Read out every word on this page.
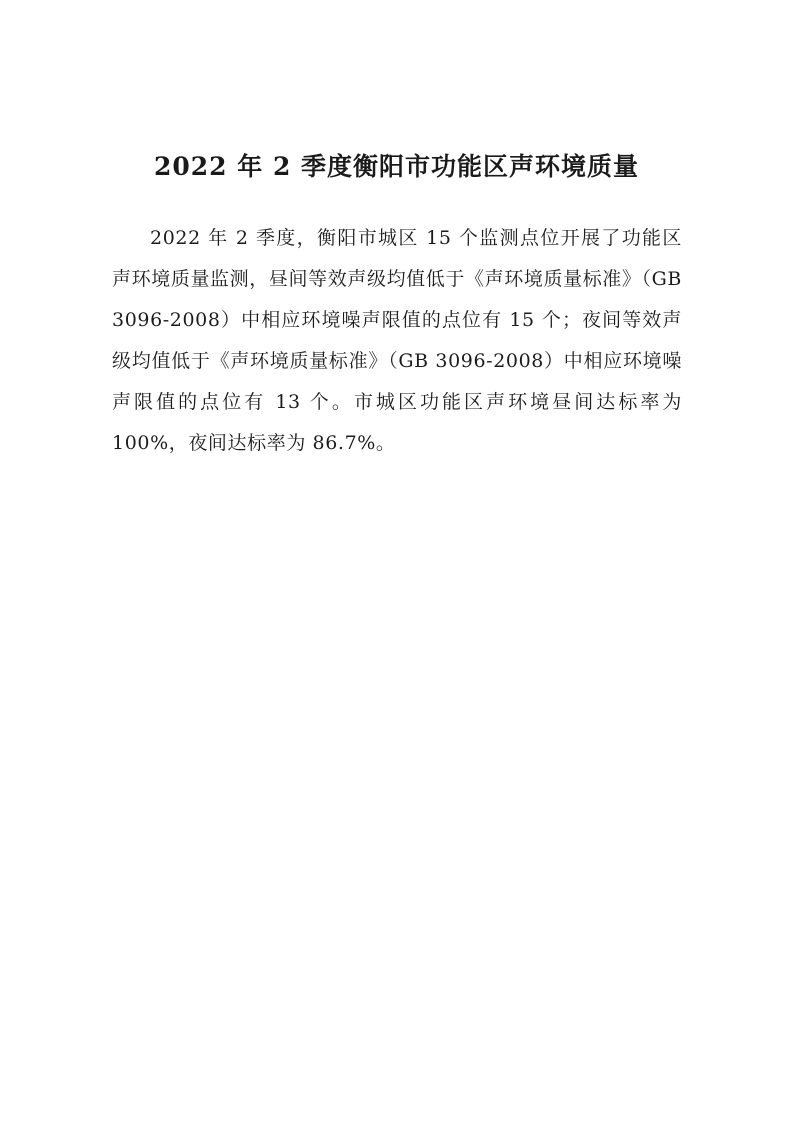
2022 年 2 季度衡阳市功能区声环境质量

2022 年 2 季度，衡阳市城区 15 个监测点位开展了功能区声环境质量监测，昼间等效声级均值低于《声环境质量标准》（GB 3096-2008）中相应环境噪声限值的点位有 15 个；夜间等效声级均值低于《声环境质量标准》（GB 3096-2008）中相应环境噪声限值的点位有 13 个。市城区功能区声环境昼间达标率为 100%，夜间达标率为 86.7%。
